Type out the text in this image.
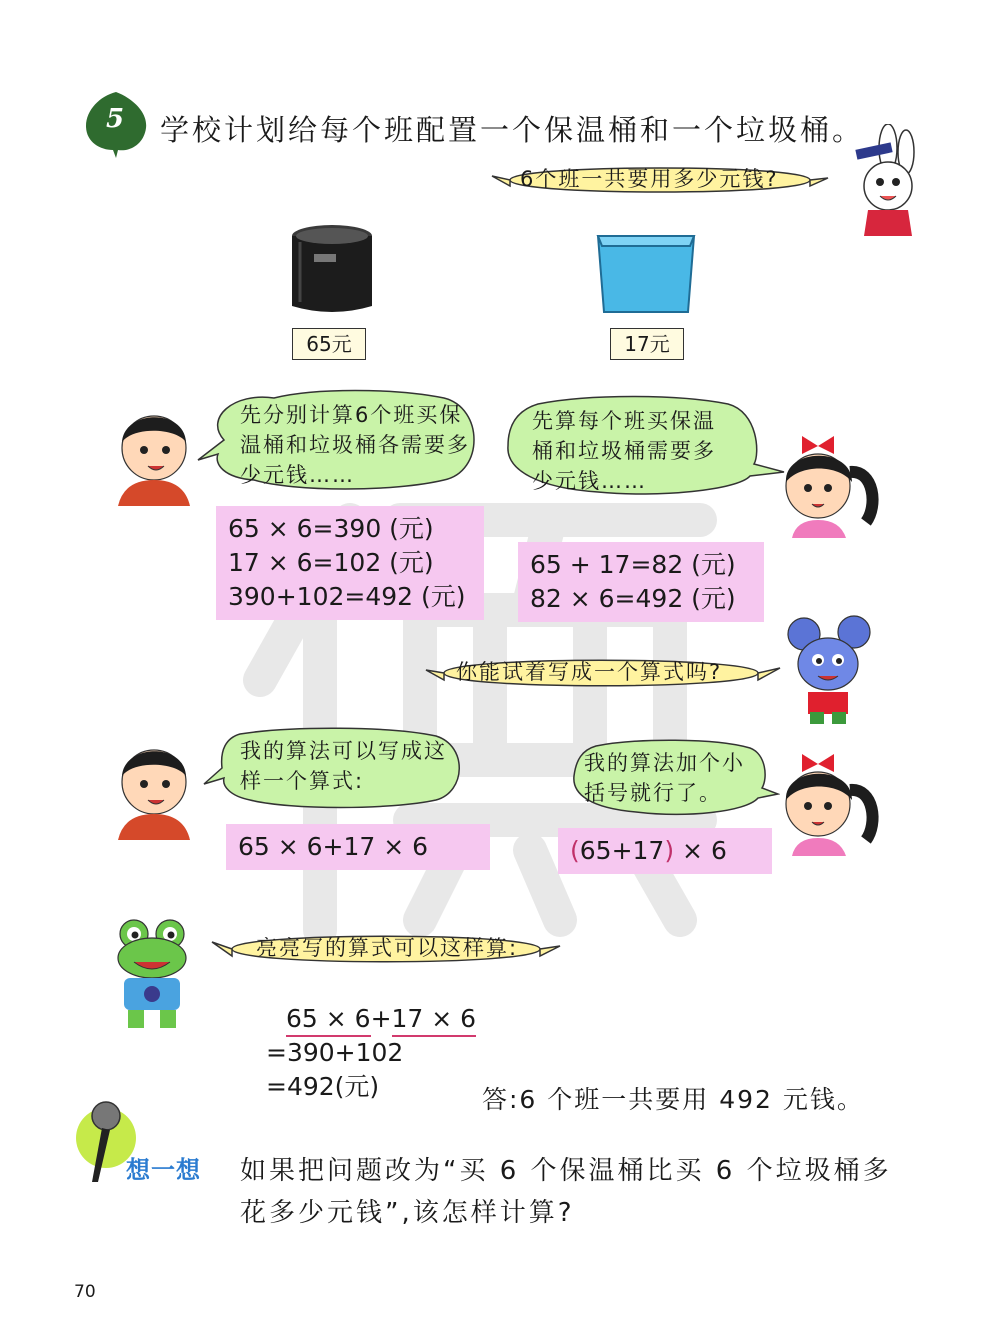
5 学校计划给每个班配置一个保温桶和一个垃圾桶。
6个班一共要用多少元钱?
65元	17元
先分别计算6个班买保温桶和垃圾桶各需要多少元钱……
先算每个班买保温桶和垃圾桶需要多少元钱……
65 × 6=390 (元)
17 × 6=102 (元)
390+102=492 (元)
65 + 17=82 (元)
82 × 6=492 (元)
你能试着写成一个算式吗?
我的算法可以写成这样一个算式:
我的算法加个小括号就行了。
65 × 6+17 × 6	(65+17) × 6
亮亮写的算式可以这样算:
65 × 6+17 × 6
=390+102
=492(元)	答:6 个班一共要用 492 元钱。
想一想 如果把问题改为“买 6 个保温桶比买 6 个垃圾桶多花多少元钱”,该怎样计算?
70
